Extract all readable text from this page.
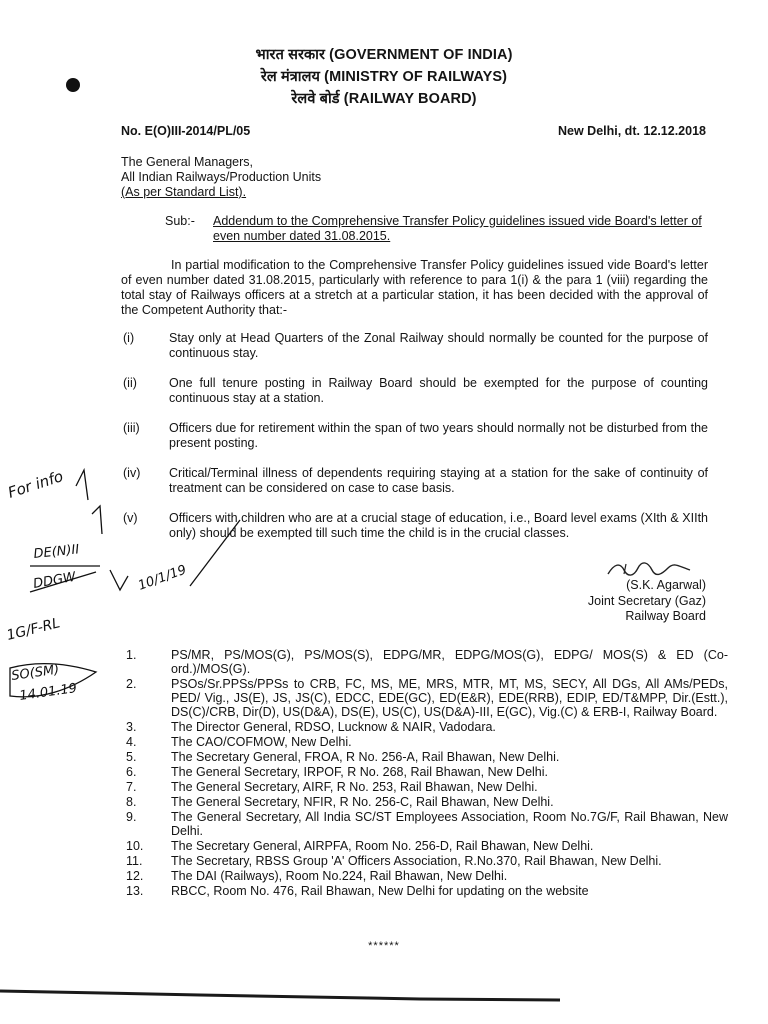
भारत सरकार (GOVERNMENT OF INDIA)
रेल मंत्रालय (MINISTRY OF RAILWAYS)
रेलवे बोर्ड (RAILWAY BOARD)
No. E(O)III-2014/PL/05	New Delhi, dt. 12.12.2018
The General Managers,
All Indian Railways/Production Units
(As per Standard List).
Sub:- Addendum to the Comprehensive Transfer Policy guidelines issued vide Board's letter of even number dated 31.08.2015.
In partial modification to the Comprehensive Transfer Policy guidelines issued vide Board's letter of even number dated 31.08.2015, particularly with reference to para 1(i) & the para 1 (viii) regarding the total stay of Railways officers at a stretch at a particular station, it has been decided with the approval of the Competent Authority that:-
(i)	Stay only at Head Quarters of the Zonal Railway should normally be counted for the purpose of continuous stay.
(ii)	One full tenure posting in Railway Board should be exempted for the purpose of counting continuous stay at a station.
(iii) Officers due for retirement within the span of two years should normally not be disturbed from the present posting.
(iv) Critical/Terminal illness of dependents requiring staying at a station for the sake of continuity of treatment can be considered on case to case basis.
(v)	Officers with children who are at a crucial stage of education, i.e., Board level exams (XIth & XIIth only) should be exempted till such time the child is in the crucial classes.
(S.K. Agarwal)
Joint Secretary (Gaz)
Railway Board
1.	PS/MR, PS/MOS(G), PS/MOS(S), EDPG/MR, EDPG/MOS(G), EDPG/ MOS(S) & ED (Co-ord.)/MOS(G).
2.	PSOs/Sr.PPSs/PPSs to CRB, FC, MS, ME, MRS, MTR, MT, MS, SECY, All DGs, All AMs/PEDs, PED/ Vig., JS(E), JS, JS(C), EDCC, EDE(GC), ED(E&R), EDE(RRB), EDIP, ED/T&MPP, Dir.(Estt.), DS(C)/CRB, Dir(D), US(D&A), DS(E), US(C), US(D&A)-III, E(GC), Vig.(C) & ERB-I, Railway Board.
3.	The Director General, RDSO, Lucknow & NAIR, Vadodara.
4.	The CAO/COFMOW, New Delhi.
5.	The Secretary General, FROA, R No. 256-A, Rail Bhawan, New Delhi.
6.	The General Secretary, IRPOF, R No. 268, Rail Bhawan, New Delhi.
7.	The General Secretary, AIRF, R No. 253, Rail Bhawan, New Delhi.
8.	The General Secretary, NFIR, R No. 256-C, Rail Bhawan, New Delhi.
9.	The General Secretary, All India SC/ST Employees Association, Room No.7G/F, Rail Bhawan, New Delhi.
10. The Secretary General, AIRPFA, Room No. 256-D, Rail Bhawan, New Delhi.
11. The Secretary, RBSS Group 'A' Officers Association, R.No.370, Rail Bhawan, New Delhi.
12. The DAI (Railways), Room No.224, Rail Bhawan, New Delhi.
13. RBCC, Room No. 476, Rail Bhawan, New Delhi for updating on the website
******
For info
DE(N)II
DDGW	10/1/19
1G/F-RL
SO(SM)
14.01.19
